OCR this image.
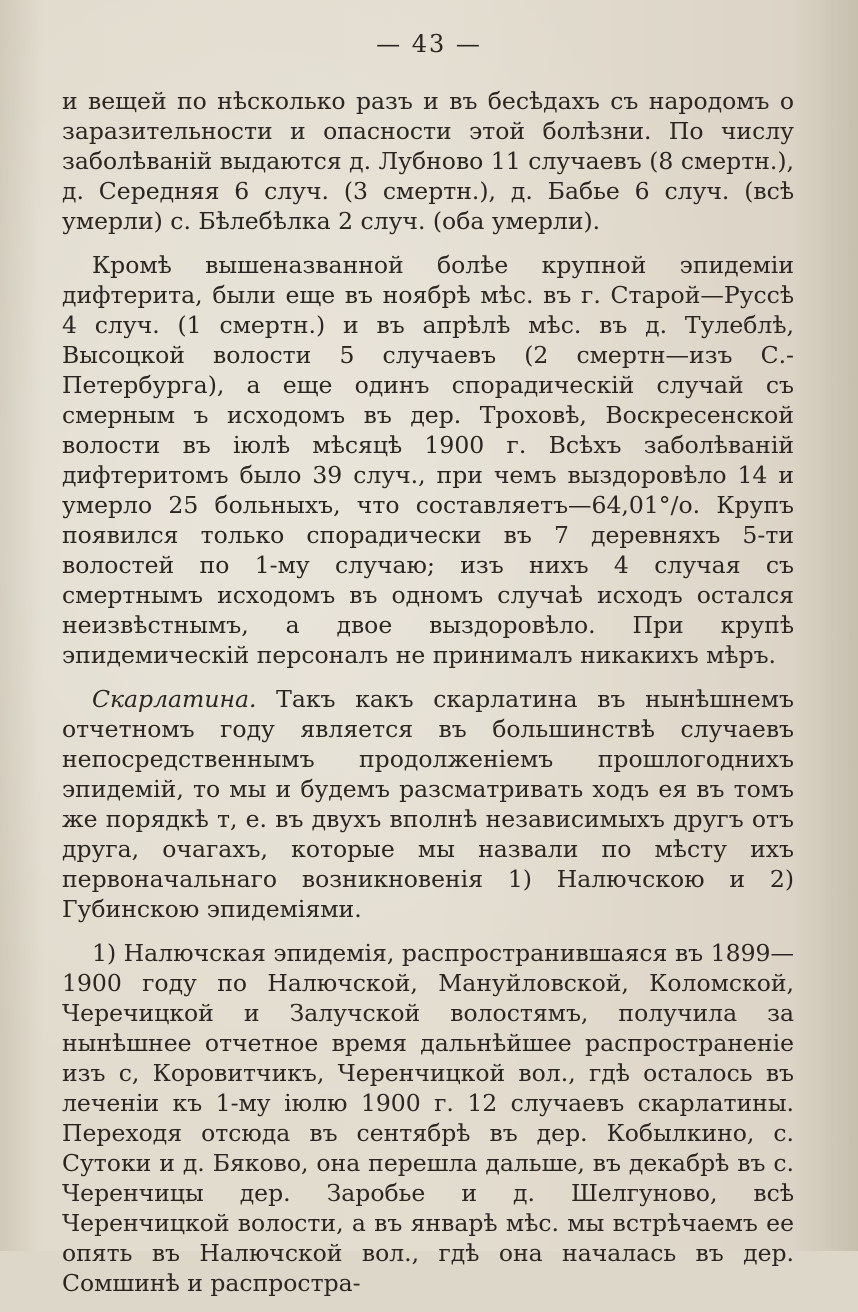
— 43 —

и вещей по нѣсколько разъ и въ бесѣдахъ съ народомъ о заразительности и опасности этой болѣзни. По числу заболѣваній выдаются д. Лубново 11 случаевъ (8 смертн.), д. Середняя 6 случ. (3 смертн.), д. Бабье 6 случ. (всѣ умерли) с. Бѣлебѣлка 2 случ. (оба умерли).

Кромѣ вышеназванной болѣе крупной эпидеміи дифтерита, были еще въ ноябрѣ мѣс. въ г. Старой—Руссѣ 4 случ. (1 смертн.) и въ апрѣлѣ мѣс. въ д. Тулеблѣ, Высоцкой волости 5 случаевъ (2 смертн—изъ С.-Петербурга), а еще одинъ спорадическій случай съ смерным ъ исходомъ въ дер. Троховѣ, Воскресенской волости въ іюлѣ мѣсяцѣ 1900 г. Всѣхъ заболѣваній дифтеритомъ было 39 случ., при чемъ выздоровѣло 14 и умерло 25 больныхъ, что составляетъ—64,01°/о. Крупъ появился только спорадически въ 7 деревняхъ 5-ти волостей по 1-му случаю; изъ нихъ 4 случая съ смертнымъ исходомъ въ одномъ случаѣ исходъ остался неизвѣстнымъ, а двое выздоровѣло. При крупѣ эпидемическій персоналъ не принималъ никакихъ мѣръ.

Скарлатина. Такъ какъ скарлатина въ нынѣшнемъ отчетномъ году является въ большинствѣ случаевъ непосредственнымъ продолженіемъ прошлогоднихъ эпидемій, то мы и будемъ разсматривать ходъ ея въ томъ же порядкѣ т, е. въ двухъ вполнѣ независимыхъ другъ отъ друга, очагахъ, которые мы назвали по мѣсту ихъ первоначальнаго возникновенія 1) Налючскою и 2) Губинскою эпидеміями.

1) Налючская эпидемія, распространившаяся въ 1899—1900 году по Налючской, Мануйловской, Коломской, Черечицкой и Залучской волостямъ, получила за нынѣшнее отчетное время дальнѣйшее распространеніе изъ с, Коровитчикъ, Черенчицкой вол., гдѣ осталось въ леченіи къ 1-му іюлю 1900 г. 12 случаевъ скарлатины. Переходя отсюда въ сентябрѣ въ дер. Кобылкино, с. Сутоки и д. Бяково, она перешла дальше, въ декабрѣ въ с. Черенчицы дер. Заробье и д. Шелгуново, всѣ Черенчицкой волости, а въ январѣ мѣс. мы встрѣчаемъ ее опять въ Налючской вол., гдѣ она началась въ дер. Сомшинѣ и распростра-
